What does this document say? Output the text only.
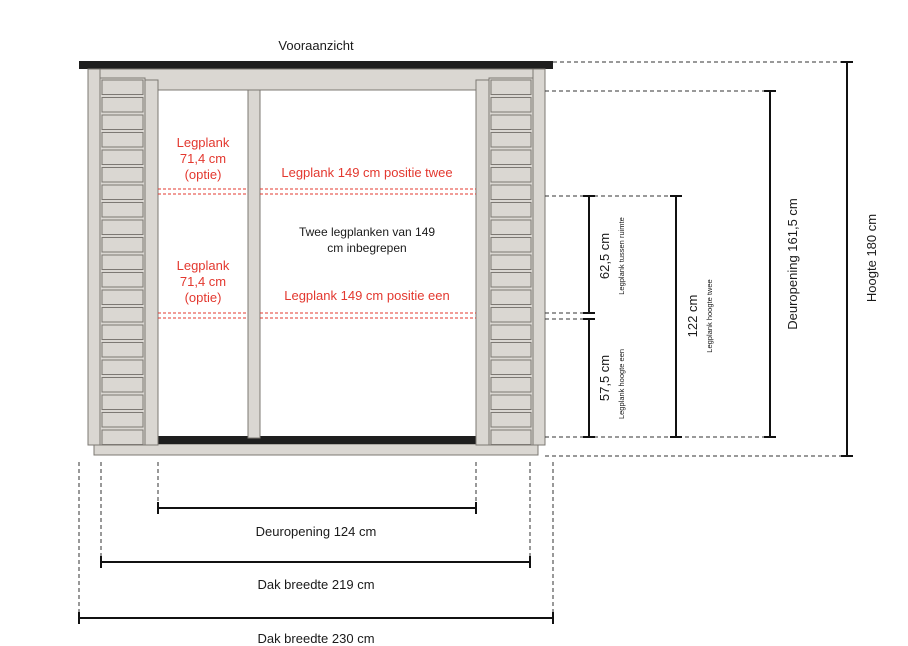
Vooraanzicht
Legplank
71,4 cm
(optie)	Legplank 149 cm positie twee
Twee legplanken van 149
cm inbegrepen
Legplank
71,4 cm
(optie)	Legplank 149 cm positie een	Hoogte 180 cm
Deuropening 161,5 cm
122 cm Legplank hoogte twee
62,5 cm Legplank tussen ruimte
57,5 cm Legplank hoogte een
Deuropening 124 cm
Dak breedte 219 cm
Dak breedte 230 cm
